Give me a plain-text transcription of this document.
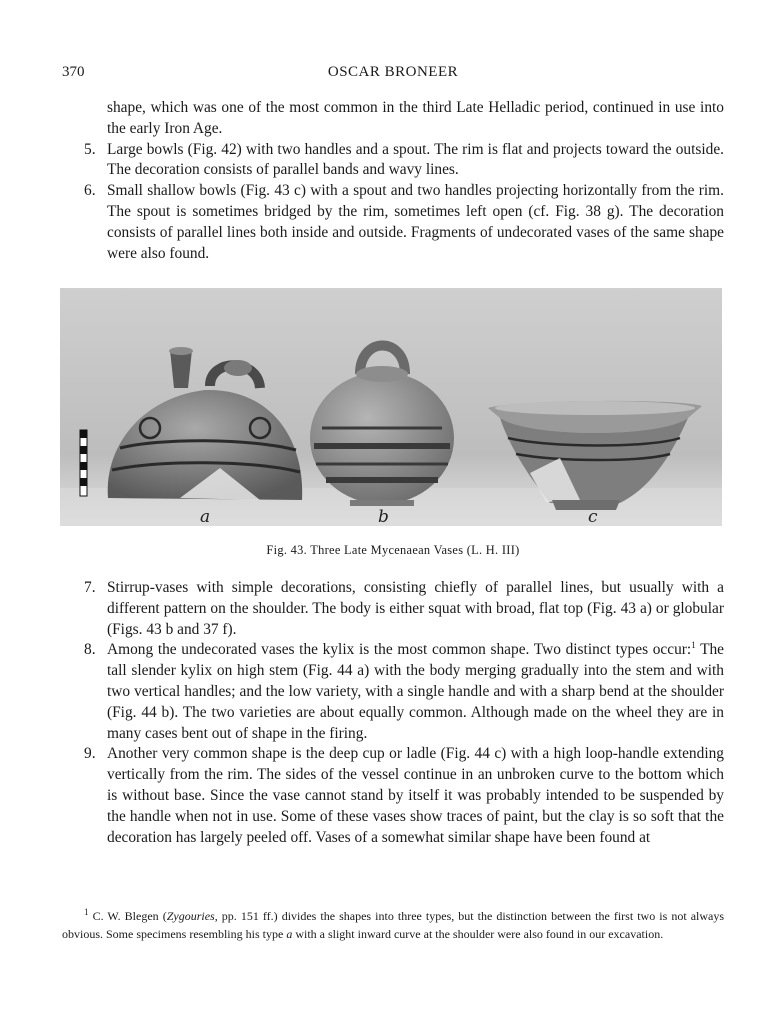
370	OSCAR BRONEER

shape, which was one of the most common in the third Late Helladic period, continued in use into the early Iron Age.

5. Large bowls (Fig. 42) with two handles and a spout. The rim is flat and projects toward the outside. The decoration consists of parallel bands and wavy lines.

6. Small shallow bowls (Fig. 43 c) with a spout and two handles projecting horizontally from the rim. The spout is sometimes bridged by the rim, sometimes left open (cf. Fig. 38 g). The decoration consists of parallel lines both inside and outside. Fragments of undecorated vases of the same shape were also found.

a	b	c
Fig. 43. Three Late Mycenaean Vases (L. H. III)

7. Stirrup-vases with simple decorations, consisting chiefly of parallel lines, but usually with a different pattern on the shoulder. The body is either squat with broad, flat top (Fig. 43 a) or globular (Figs. 43 b and 37 f).

8. Among the undecorated vases the kylix is the most common shape. Two distinct types occur:$^1$ The tall slender kylix on high stem (Fig. 44 a) with the body merging gradually into the stem and with two vertical handles; and the low variety, with a single handle and with a sharp bend at the shoulder (Fig. 44 b). The two varieties are about equally common. Although made on the wheel they are in many cases bent out of shape in the firing.

9. Another very common shape is the deep cup or ladle (Fig. 44 c) with a high loop-handle extending vertically from the rim. The sides of the vessel continue in an unbroken curve to the bottom which is without base. Since the vase cannot stand by itself it was probably intended to be suspended by the handle when not in use. Some of these vases show traces of paint, but the clay is so soft that the decoration has largely peeled off. Vases of a somewhat similar shape have been found at

$^1$ C. W. Blegen (Zygouries, pp. 151 ff.) divides the shapes into three types, but the distinction between the first two is not always obvious. Some specimens resembling his type a with a slight inward curve at the shoulder were also found in our excavation.
